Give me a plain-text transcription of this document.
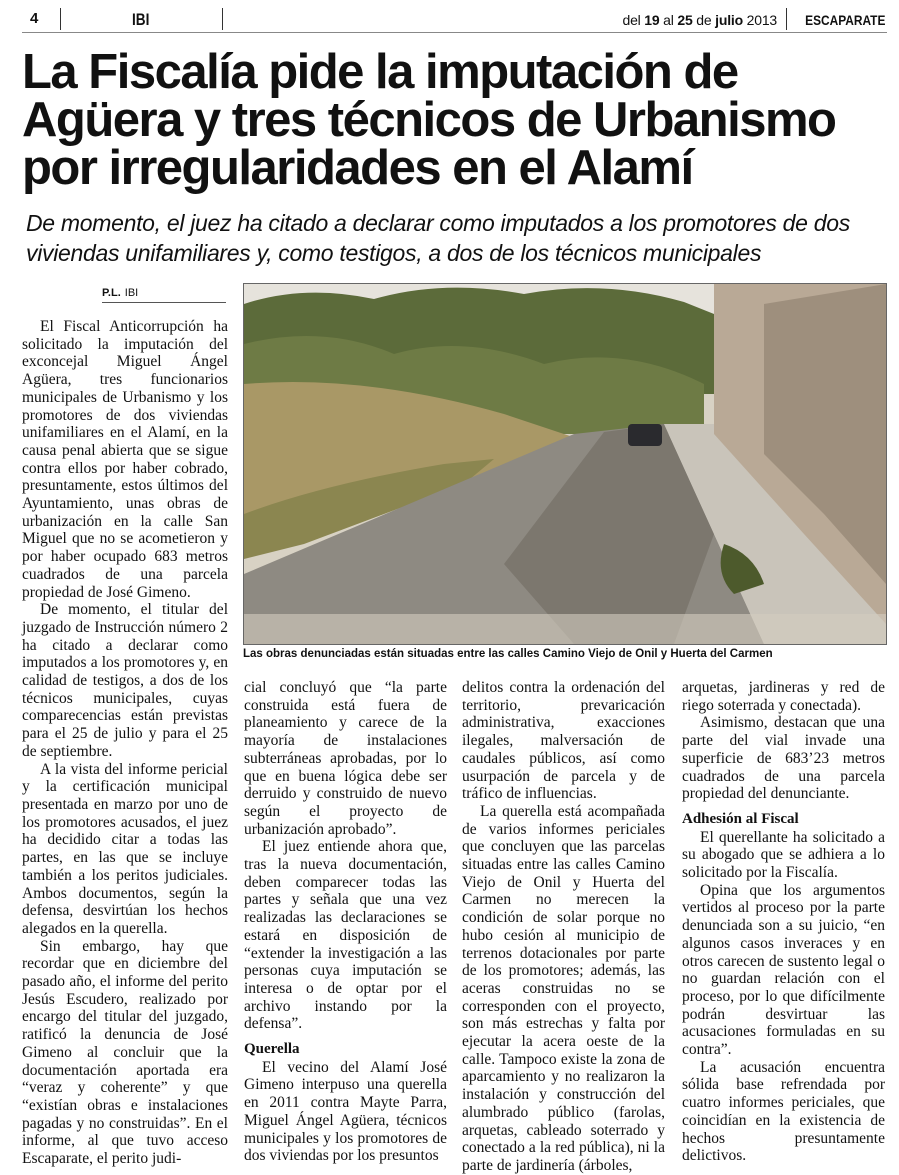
4	IBI	del 19 al 25 de julio 2013 ESCAPARATE
La Fiscalía pide la imputación de Agüera y tres técnicos de Urbanismo por irregularidades en el Alamí
De momento, el juez ha citado a declarar como imputados a los promotores de dos viviendas unifamiliares y, como testigos, a dos de los técnicos municipales
P.L. IBI

El Fiscal Anticorrupción ha solicitado la imputación del exconcejal Miguel Ángel Agüera, tres funcionarios municipales de Urbanismo y los promotores de dos viviendas unifamiliares en el Alamí, en la causa penal abierta que se sigue contra ellos por haber cobrado, presuntamente, estos últimos del Ayuntamiento, unas obras de urbanización en la calle San Miguel que no se acometieron y por haber ocupado 683 metros cuadrados de una parcela propiedad de José Gimeno.

De momento, el titular del juzgado de Instrucción número 2 ha citado a declarar como imputados a los promotores y, en calidad de testigos, a dos de los técnicos municipales, cuyas comparecencias están previstas para el 25 de julio y para el 25 de septiembre.

A la vista del informe pericial y la certificación municipal presentada en marzo por uno de los promotores acusados, el juez ha decidido citar a todas las partes, en las que se incluye también a los peritos judiciales. Ambos documentos, según la defensa, desvirtúan los hechos alegados en la querella.

Sin embargo, hay que recordar que en diciembre del pasado año, el informe del perito Jesús Escudero, realizado por encargo del titular del juzgado, ratificó la denuncia de José Gimeno al concluir que la documentación aportada era “veraz y coherente” y que “existían obras e instalaciones pagadas y no construidas”. En el informe, al que tuvo acceso Escaparate, el perito judi-

Las obras denunciadas están situadas entre las calles Camino Viejo de Onil y Huerta del Carmen

cial concluyó que “la parte construida está fuera de planeamiento y carece de la mayoría de instalaciones subterráneas aprobadas, por lo que en buena lógica debe ser derruido y construido de nuevo según el proyecto de urbanización aprobado”.

El juez entiende ahora que, tras la nueva documentación, deben comparecer todas las partes y señala que una vez realizadas las declaraciones se estará en disposición de “extender la investigación a las personas cuya imputación se interesa o de optar por el archivo instando por la defensa”.

Querella

El vecino del Alamí José Gimeno interpuso una querella en 2011 contra Mayte Parra, Miguel Ángel Agüera, técnicos municipales y los promotores de dos viviendas por los presuntos

delitos contra la ordenación del territorio, prevaricación administrativa, exacciones ilegales, malversación de caudales públicos, así como usurpación de parcela y de tráfico de influencias.

La querella está acompañada de varios informes periciales que concluyen que las parcelas situadas entre las calles Camino Viejo de Onil y Huerta del Carmen no merecen la condición de solar porque no hubo cesión al municipio de terrenos dotacionales por parte de los promotores; además, las aceras construidas no se corresponden con el proyecto, son más estrechas y falta por ejecutar la acera oeste de la calle. Tampoco existe la zona de aparcamiento y no realizaron la instalación y construcción del alumbrado público (farolas, arquetas, cableado soterrado y conectado a la red pública), ni la parte de jardinería (árboles,

arquetas, jardineras y red de riego soterrada y conectada).

Asimismo, destacan que una parte del vial invade una superficie de 683’23 metros cuadrados de una parcela propiedad del denunciante.

Adhesión al Fiscal

El querellante ha solicitado a su abogado que se adhiera a lo solicitado por la Fiscalía.

Opina que los argumentos vertidos al proceso por la parte denunciada son a su juicio, “en algunos casos inveraces y en otros carecen de sustento legal o no guardan relación con el proceso, por lo que difícilmente podrán desvirtuar las acusaciones formuladas en su contra”.

La acusación encuentra sólida base refrendada por cuatro informes periciales, que coincidían en la existencia de hechos presuntamente delictivos.
